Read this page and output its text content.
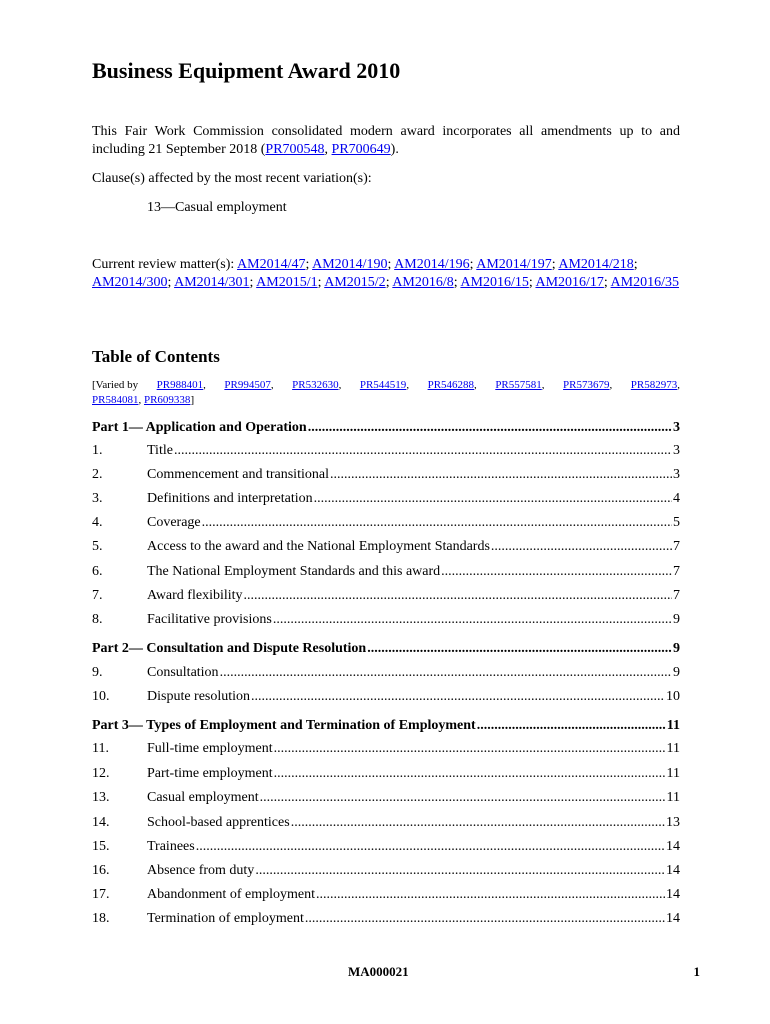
Business Equipment Award 2010

This Fair Work Commission consolidated modern award incorporates all amendments up to and including 21 September 2018 (PR700548, PR700649).

Clause(s) affected by the most recent variation(s):

13—Casual employment

Current review matter(s): AM2014/47; AM2014/190; AM2014/196; AM2014/197; AM2014/218; AM2014/300; AM2014/301; AM2015/1; AM2015/2; AM2016/8; AM2016/15; AM2016/17; AM2016/35

Table of Contents
[Varied by PR988401, PR994507, PR532630, PR544519, PR546288, PR557581, PR573679, PR582973,
PR584081, PR609338]
Part 1— Application and Operation .....	3
1.	Title .....	3
2.	Commencement and transitional .....	3
3.	Definitions and interpretation .....	4
4.	Coverage .....	5
5.	Access to the award and the National Employment Standards .....	7
6.	The National Employment Standards and this award .....	7
7.	Award flexibility .....	7
8.	Facilitative provisions .....	9
Part 2— Consultation and Dispute Resolution .....	9
9.	Consultation .....	9
10.	Dispute resolution .....	10
Part 3— Types of Employment and Termination of Employment .....	11
11.	Full-time employment .....	11
12.	Part-time employment .....	11
13.	Casual employment .....	11
14.	School-based apprentices .....	13
15.	Trainees .....	14
16.	Absence from duty .....	14
17.	Abandonment of employment .....	14
18.	Termination of employment .....	14
MA000021	1
